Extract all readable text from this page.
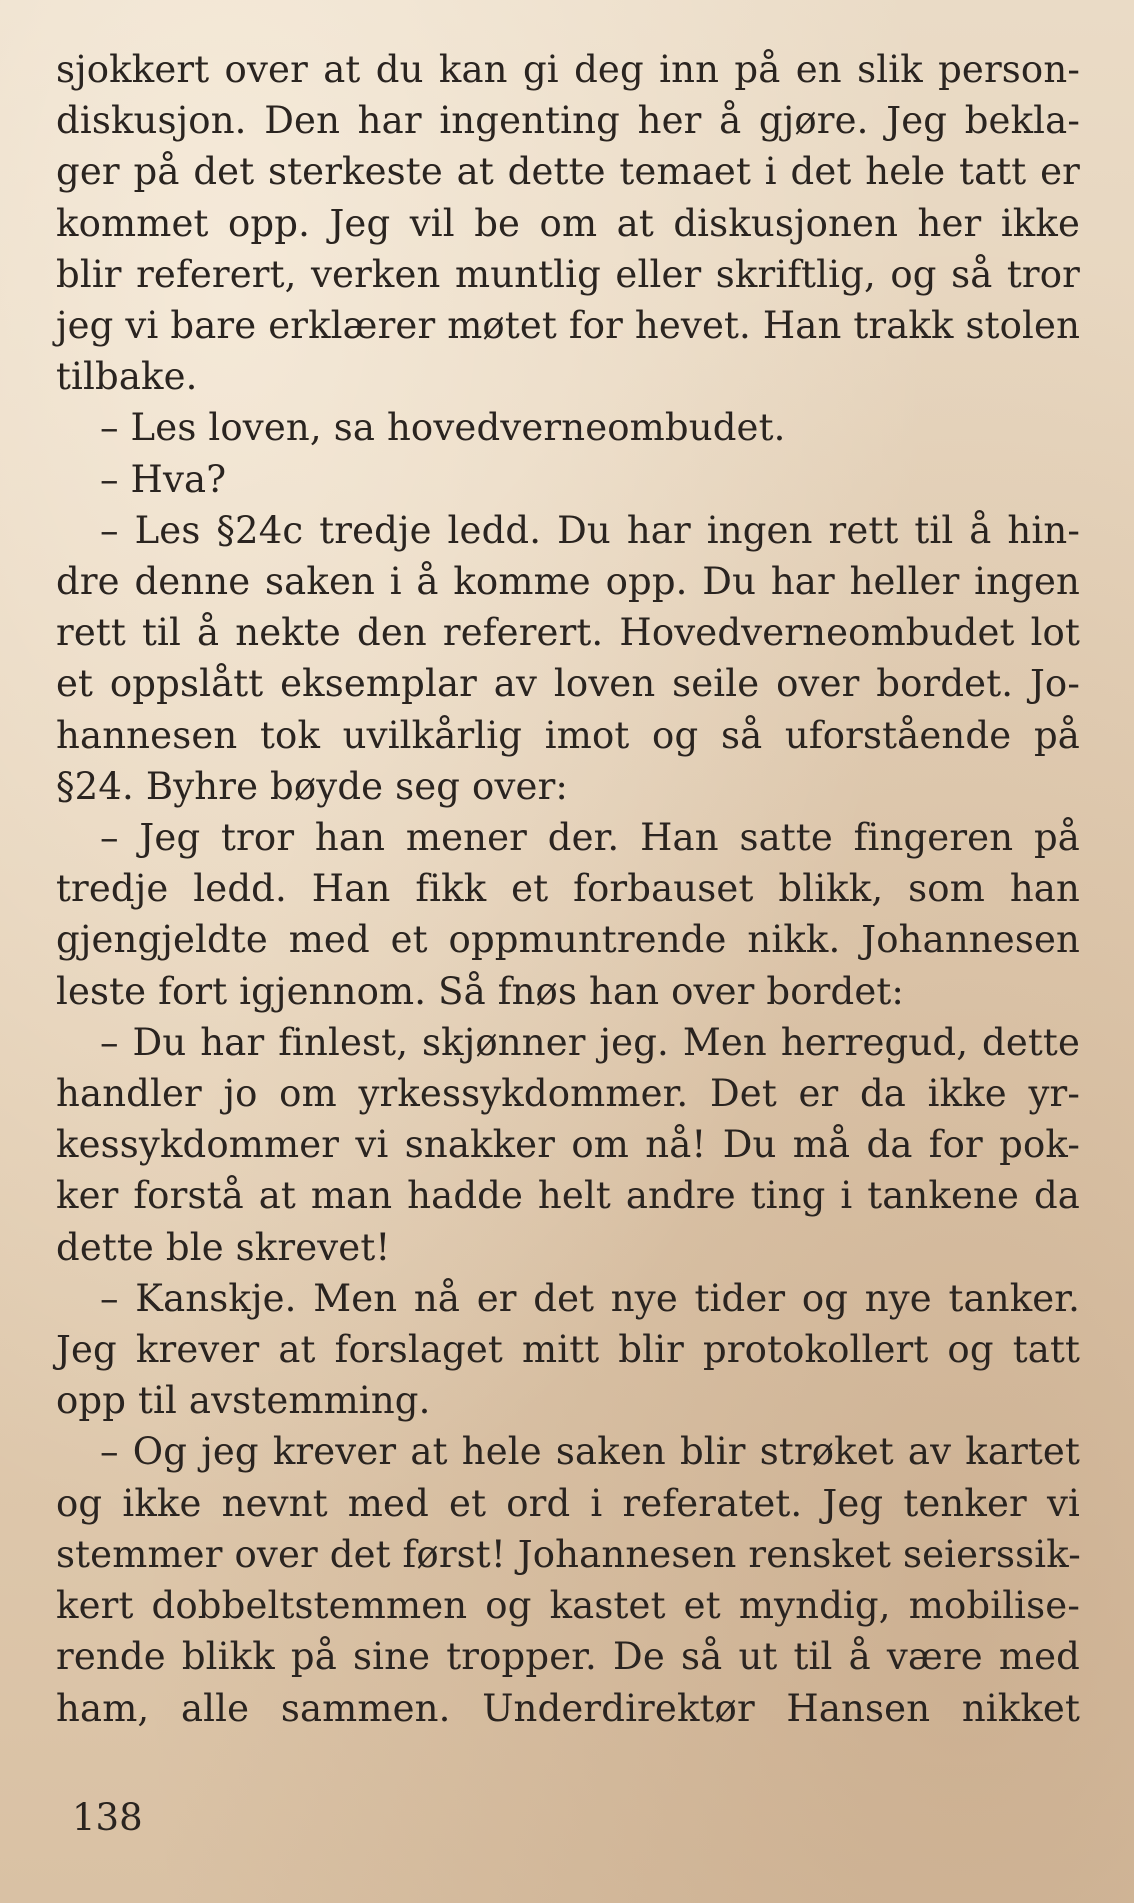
sjokkert over at du kan gi deg inn på en slik person-
diskusjon. Den har ingenting her å gjøre. Jeg bekla-
ger på det sterkeste at dette temaet i det hele tatt er
kommet opp. Jeg vil be om at diskusjonen her ikke
blir referert, verken muntlig eller skriftlig, og så tror
jeg vi bare erklærer møtet for hevet. Han trakk stolen
tilbake.
– Les loven, sa hovedverneombudet.
– Hva?
– Les §24c tredje ledd. Du har ingen rett til å hin-
dre denne saken i å komme opp. Du har heller ingen
rett til å nekte den referert. Hovedverneombudet lot
et oppslått eksemplar av loven seile over bordet. Jo-
hannesen tok uvilkårlig imot og så uforstående på
§24. Byhre bøyde seg over:
– Jeg tror han mener der. Han satte fingeren på
tredje ledd. Han fikk et forbauset blikk, som han
gjengjeldte med et oppmuntrende nikk. Johannesen
leste fort igjennom. Så fnøs han over bordet:
– Du har finlest, skjønner jeg. Men herregud, dette
handler jo om yrkessykdommer. Det er da ikke yr-
kessykdommer vi snakker om nå! Du må da for pok-
ker forstå at man hadde helt andre ting i tankene da
dette ble skrevet!
– Kanskje. Men nå er det nye tider og nye tanker.
Jeg krever at forslaget mitt blir protokollert og tatt
opp til avstemming.
– Og jeg krever at hele saken blir strøket av kartet
og ikke nevnt med et ord i referatet. Jeg tenker vi
stemmer over det først! Johannesen rensket seierssik-
kert dobbeltstemmen og kastet et myndig, mobilise-
rende blikk på sine tropper. De så ut til å være med
ham, alle sammen. Underdirektør Hansen nikket
138
